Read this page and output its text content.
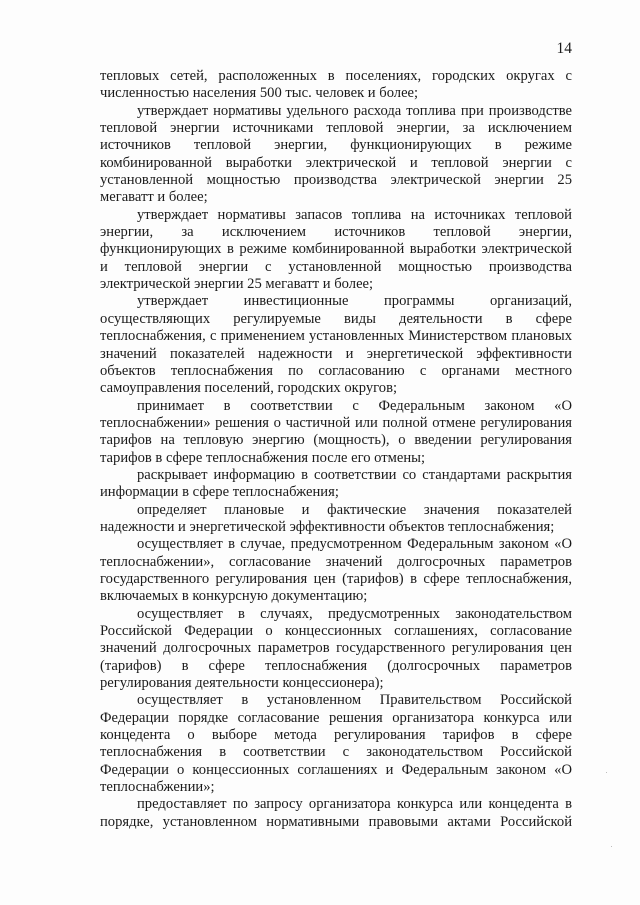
14

тепловых сетей, расположенных в поселениях, городских округах с численностью населения 500 тыс. человек и более;

утверждает нормативы удельного расхода топлива при производстве тепловой энергии источниками тепловой энергии, за исключением источников тепловой энергии, функционирующих в режиме комбинированной выработки электрической и тепловой энергии с установленной мощностью производства электрической энергии 25 мегаватт и более;

утверждает нормативы запасов топлива на источниках тепловой энергии, за исключением источников тепловой энергии, функционирующих в режиме комбинированной выработки электрической и тепловой энергии с установленной мощностью производства электрической энергии 25 мегаватт и более;

утверждает инвестиционные программы организаций, осуществляющих регулируемые виды деятельности в сфере теплоснабжения, с применением установленных Министерством плановых значений показателей надежности и энергетической эффективности объектов теплоснабжения по согласованию с органами местного самоуправления поселений, городских округов;

принимает в соответствии с Федеральным законом «О теплоснабжении» решения о частичной или полной отмене регулирования тарифов на тепловую энергию (мощность), о введении регулирования тарифов в сфере теплоснабжения после его отмены;

раскрывает информацию в соответствии со стандартами раскрытия информации в сфере теплоснабжения;

определяет плановые и фактические значения показателей надежности и энергетической эффективности объектов теплоснабжения;

осуществляет в случае, предусмотренном Федеральным законом «О теплоснабжении», согласование значений долгосрочных параметров государственного регулирования цен (тарифов) в сфере теплоснабжения, включаемых в конкурсную документацию;

осуществляет в случаях, предусмотренных законодательством Российской Федерации о концессионных соглашениях, согласование значений долгосрочных параметров государственного регулирования цен (тарифов) в сфере теплоснабжения (долгосрочных параметров регулирования деятельности концессионера);

осуществляет в установленном Правительством Российской Федерации порядке согласование решения организатора конкурса или концедента о выборе метода регулирования тарифов в сфере теплоснабжения в соответствии с законодательством Российской Федерации о концессионных соглашениях и Федеральным законом «О теплоснабжении»;

предоставляет по запросу организатора конкурса или концедента в порядке, установленном нормативными правовыми актами Российской
